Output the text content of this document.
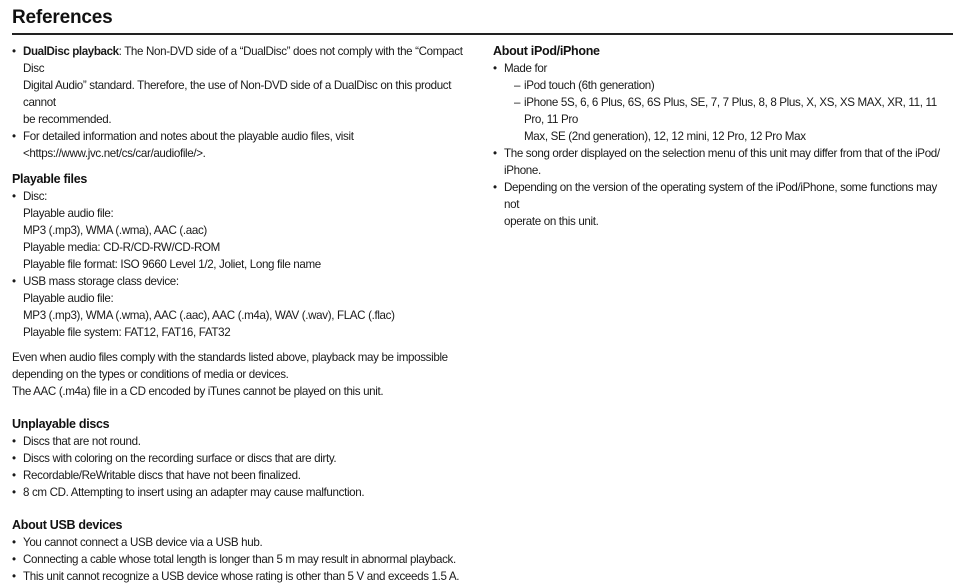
References
• DualDisc playback: The Non-DVD side of a “DualDisc” does not comply with the “Compact Disc
Digital Audio” standard. Therefore, the use of Non-DVD side of a DualDisc on this product cannot
be recommended.
• For detailed information and notes about the playable audio files, visit
<https://www.jvc.net/cs/car/audiofile/>.
Playable files
• Disc:
Playable audio file:
MP3 (.mp3), WMA (.wma), AAC (.aac)
Playable media: CD-R/CD-RW/CD-ROM
Playable file format: ISO 9660 Level 1/2, Joliet, Long file name
• USB mass storage class device:
Playable audio file:
MP3 (.mp3), WMA (.wma), AAC (.aac), AAC (.m4a), WAV (.wav), FLAC (.flac)
Playable file system: FAT12, FAT16, FAT32
Even when audio files comply with the standards listed above, playback may be impossible
depending on the types or conditions of media or devices.
The AAC (.m4a) file in a CD encoded by iTunes cannot be played on this unit.
Unplayable discs
• Discs that are not round.
• Discs with coloring on the recording surface or discs that are dirty.
• Recordable/ReWritable discs that have not been finalized.
• 8 cm CD. Attempting to insert using an adapter may cause malfunction.
About USB devices
• You cannot connect a USB device via a USB hub.
• Connecting a cable whose total length is longer than 5 m may result in abnormal playback.
• This unit cannot recognize a USB device whose rating is other than 5 V and exceeds 1.5 A.
About iPod/iPhone
• Made for
– iPod touch (6th generation)
– iPhone 5S, 6, 6 Plus, 6S, 6S Plus, SE, 7, 7 Plus, 8, 8 Plus, X, XS, XS MAX, XR, 11, 11 Pro, 11 Pro
Max, SE (2nd generation), 12, 12 mini, 12 Pro, 12 Pro Max
• The song order displayed on the selection menu of this unit may differ from that of the iPod/
iPhone.
• Depending on the version of the operating system of the iPod/iPhone, some functions may not
operate on this unit.
